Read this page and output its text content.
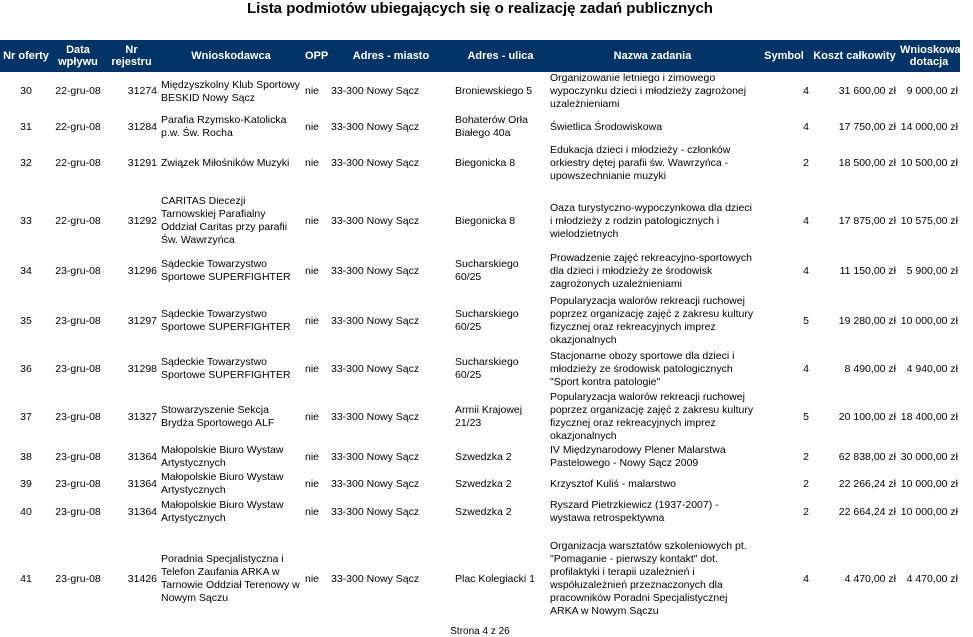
Lista podmiotów ubiegających się o realizację zadań publicznych
Nr oferty	Data wpływu	Nr rejestru	Wnioskodawca	OPP	Adres - miasto	Adres - ulica	Nazwa zadania	Symbol	Koszt całkowity	Wnioskowana dotacja
30	22-gru-08	31274	Międzyszkolny Klub Sportowy BESKID Nowy Sącz	nie	33-300 Nowy Sącz	Broniewskiego 5	Organizowanie letniego i zimowego wypoczynku dzieci i młodzieży zagrożonej uzależnieniami	4	31 600,00 zł	9 000,00 zł
31	22-gru-08	31284	Parafia Rzymsko-Katolicka p.w. Św. Rocha	nie	33-300 Nowy Sącz	Bohaterów Orła Białego 40a	Świetlica Środowiskowa	4	17 750,00 zł	14 000,00 zł
32	22-gru-08	31291	Związek Miłośników Muzyki	nie	33-300 Nowy Sącz	Biegonicka 8	Edukacja dzieci i młodzieży - członków orkiestry dętej parafii św. Wawrzyńca - upowszechnianie muzyki	2	18 500,00 zł	10 500,00 zł

33	22-gru-08	31292	CARITAS Diecezji Tarnowskiej Parafialny Oddział Caritas przy parafii Św. Wawrzyńca	nie	33-300 Nowy Sącz	Biegonicka 8	Oaza turystyczno-wypoczynkowa dla dzieci i młodzieży z rodzin patologicznych i wielodzietnych	4	17 875,00 zł	10 575,00 zł
34	23-gru-08	31296	Sądeckie Towarzystwo Sportowe SUPERFIGHTER	nie	33-300 Nowy Sącz	Sucharskiego 60/25	Prowadzenie zajęć rekreacyjno-sportowych dla dzieci i młodzieży ze środowisk zagrożonych uzależnieniami	4	11 150,00 zł	5 900,00 zł
35	23-gru-08	31297	Sądeckie Towarzystwo Sportowe SUPERFIGHTER	nie	33-300 Nowy Sącz	Sucharskiego 60/25	Popularyzacja walorów rekreacji ruchowej poprzez organizację zajęć z zakresu kultury fizycznej oraz rekreacyjnych imprez okazjonalnych	5	19 280,00 zł	10 000,00 zł
36	23-gru-08	31298	Sądeckie Towarzystwo Sportowe SUPERFIGHTER	nie	33-300 Nowy Sącz	Sucharskiego 60/25	Stacjonarne obozy sportowe dla dzieci i młodzieży ze środowisk patologicznych "Sport kontra patologie"	4	8 490,00 zł	4 940,00 zł
37	23-gru-08	31327	Stowarzyszenie Sekcja Brydża Sportowego ALF	nie	33-300 Nowy Sącz	Armii Krajowej 21/23	Popularyzacja walorów rekreacji ruchowej poprzez organizację zajęć z zakresu kultury fizycznej oraz rekreacyjnych imprez okazjonalnych	5	20 100,00 zł	18 400,00 zł
38	23-gru-08	31364	Małopolskie Biuro Wystaw Artystycznych	nie	33-300 Nowy Sącz	Szwedzka 2	IV Międzynarodowy Plener Malarstwa Pastelowego - Nowy Sącz 2009	2	62 838,00 zł	30 000,00 zł
39	23-gru-08	31364	Małopolskie Biuro Wystaw Artystycznych	nie	33-300 Nowy Sącz	Szwedzka 2	Krzysztof Kuliś - malarstwo	2	22 266,24 zł	10 000,00 zł
40	23-gru-08	31364	Małopolskie Biuro Wystaw Artystycznych	nie	33-300 Nowy Sącz	Szwedzka 2	Ryszard Pietrzkiewicz (1937-2007) - wystawa retrospektywna	2	22 664,24 zł	10 000,00 zł

41	23-gru-08	31426	Poradnia Specjalistyczna i Telefon Zaufania ARKA w Tarnowie Oddział Terenowy w Nowym Sączu	nie	33-300 Nowy Sącz	Plac Kolegiacki 1	Organizacja warsztatów szkoleniowych pt. "Pomaganie - pierwszy kontakt" dot. profilaktyki i terapii uzależnień i współuzależnień przeznaczonych dla pracowników Poradni Specjalistycznej ARKA w Nowym Sączu	4	4 470,00 zł	4 470,00 zł
Strona 4 z 26
